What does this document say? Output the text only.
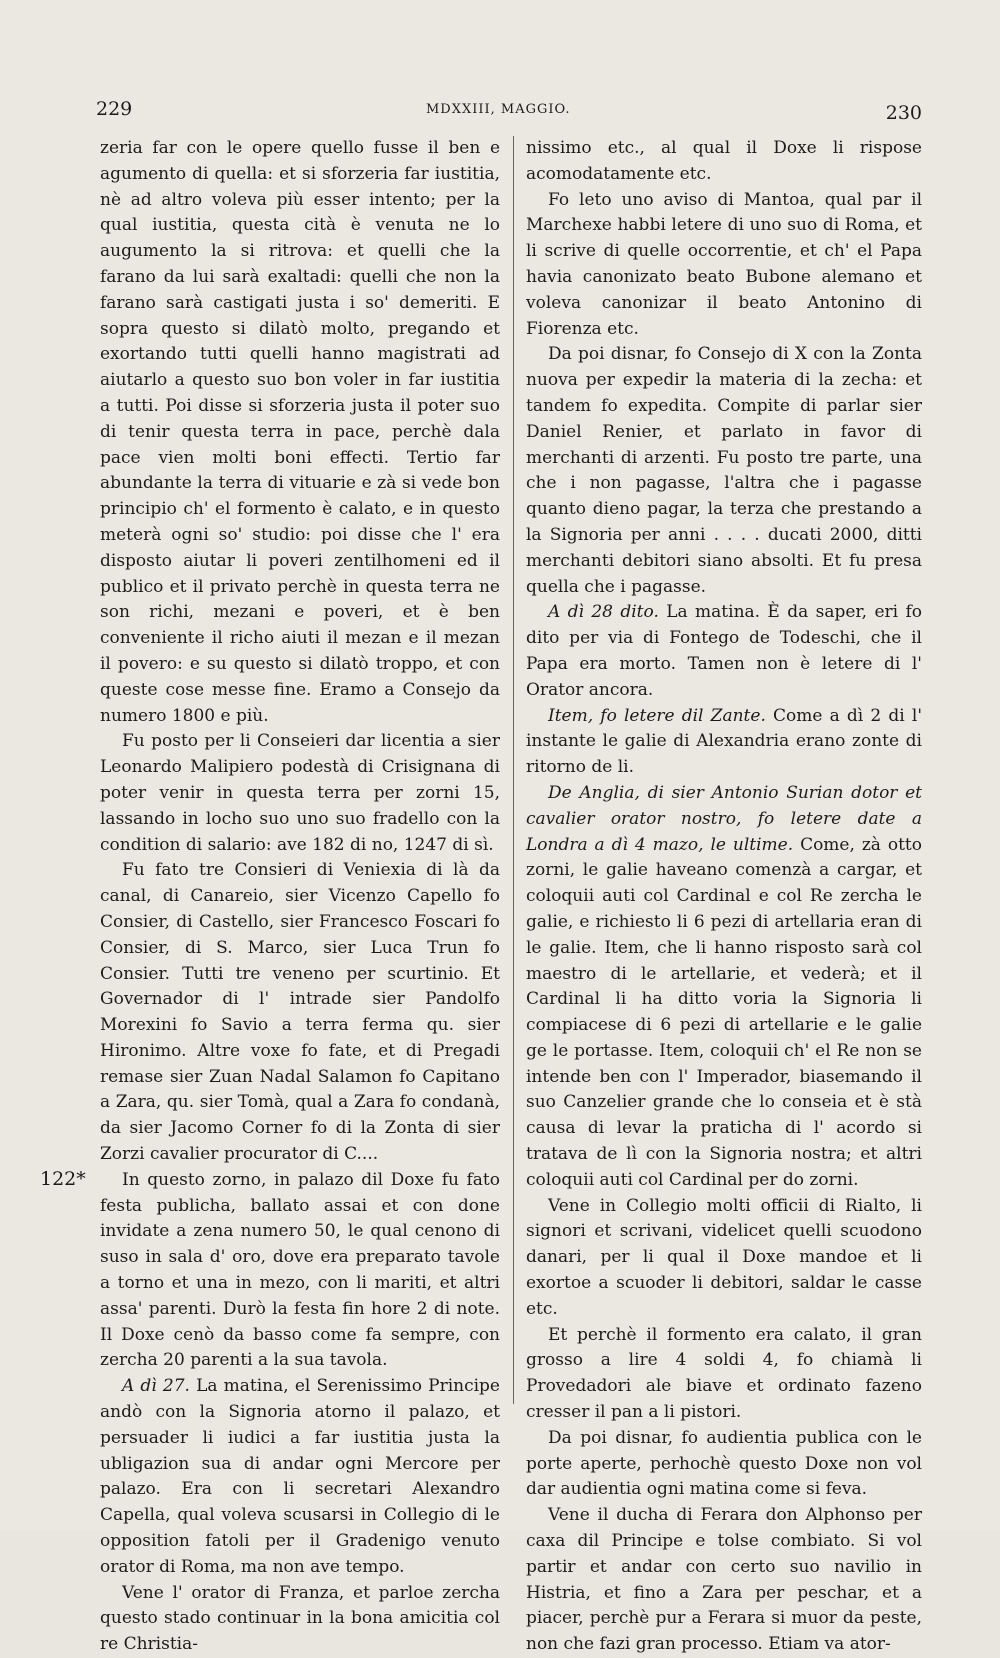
229	MDXXIII, MAGGIO.	230
122*

zeria far con le opere quello fusse il ben e agumento di quella: et si sforzeria far iustitia, nè ad altro voleva più esser intento; per la qual iustitia, questa cità è venuta ne lo augumento la si ritrova: et quelli che la farano da lui sarà exaltadi: quelli che non la farano sarà castigati justa i so' demeriti. E sopra questo si dilatò molto, pregando et exortando tutti quelli hanno magistrati ad aiutarlo a questo suo bon voler in far iustitia a tutti. Poi disse si sforzeria justa il poter suo di tenir questa terra in pace, perchè dala pace vien molti boni effecti. Tertio far abundante la terra di vituarie e zà si vede bon principio ch' el formento è calato, e in questo meterà ogni so' studio: poi disse che l' era disposto aiutar li poveri zentilhomeni ed il publico et il privato perchè in questa terra ne son richi, mezani e poveri, et è ben conveniente il richo aiuti il mezan e il mezan il povero: e su questo si dilatò troppo, et con queste cose messe fine. Eramo a Consejo da numero 1800 e più.

Fu posto per li Conseieri dar licentia a sier Leonardo Malipiero podestà di Crisignana di poter venir in questa terra per zorni 15, lassando in locho suo uno suo fradello con la condition di salario: ave 182 di no, 1247 di sì.

Fu fato tre Consieri di Veniexia di là da canal, di Canareio, sier Vicenzo Capello fo Consier, di Castello, sier Francesco Foscari fo Consier, di S. Marco, sier Luca Trun fo Consier. Tutti tre veneno per scurtinio. Et Governador di l' intrade sier Pandolfo Morexini fo Savio a terra ferma qu. sier Hironimo. Altre voxe fo fate, et di Pregadi remase sier Zuan Nadal Salamon fo Capitano a Zara, qu. sier Tomà, qual a Zara fo condanà, da sier Jacomo Corner fo di la Zonta di sier Zorzi cavalier procurator di C....

In questo zorno, in palazo dil Doxe fu fato festa publicha, ballato assai et con done invidate a zena numero 50, le qual cenono di suso in sala d' oro, dove era preparato tavole a torno et una in mezo, con li mariti, et altri assa' parenti. Durò la festa fin hore 2 di note. Il Doxe cenò da basso come fa sempre, con zercha 20 parenti a la sua tavola.

A dì 27. La matina, el Serenissimo Principe andò con la Signoria atorno il palazo, et persuader li iudici a far iustitia justa la ubligazion sua di andar ogni Mercore per palazo. Era con li secretari Alexandro Capella, qual voleva scusarsi in Collegio di le opposition fatoli per il Gradenigo venuto orator di Roma, ma non ave tempo.

Vene l' orator di Franza, et parloe zercha questo stado continuar in la bona amicitia col re Christia-

nissimo etc., al qual il Doxe li rispose acomodatamente etc.

Fo leto uno aviso di Mantoa, qual par il Marchexe habbi letere di uno suo di Roma, et li scrive di quelle occorrentie, et ch' el Papa havia canonizato beato Bubone alemano et voleva canonizar il beato Antonino di Fiorenza etc.

Da poi disnar, fo Consejo di X con la Zonta nuova per expedir la materia di la zecha: et tandem fo expedita. Compite di parlar sier Daniel Renier, et parlato in favor di merchanti di arzenti. Fu posto tre parte, una che i non pagasse, l'altra che i pagasse quanto dieno pagar, la terza che prestando a la Signoria per anni . . . . ducati 2000, ditti merchanti debitori siano absolti. Et fu presa quella che i pagasse.

A dì 28 dito. La matina. È da saper, eri fo dito per via di Fontego de Todeschi, che il Papa era morto. Tamen non è letere di l' Orator ancora.

Item, fo letere dil Zante. Come a dì 2 di l' instante le galie di Alexandria erano zonte di ritorno de li.

De Anglia, di sier Antonio Surian dotor et cavalier orator nostro, fo letere date a Londra a dì 4 mazo, le ultime. Come, zà otto zorni, le galie haveano comenzà a cargar, et coloquii auti col Cardinal e col Re zercha le galie, e richiesto li 6 pezi di artellaria eran di le galie. Item, che li hanno risposto sarà col maestro di le artellarie, et vederà; et il Cardinal li ha ditto voria la Signoria li compiacese di 6 pezi di artellarie e le galie ge le portasse. Item, coloquii ch' el Re non se intende ben con l' Imperador, biasemando il suo Canzelier grande che lo conseia et è stà causa di levar la praticha di l' acordo si tratava de lì con la Signoria nostra; et altri coloquii auti col Cardinal per do zorni.

Vene in Collegio molti officii di Rialto, li signori et scrivani, videlicet quelli scuodono danari, per li qual il Doxe mandoe et li exortoe a scuoder li debitori, saldar le casse etc.

Et perchè il formento era calato, il gran grosso a lire 4 soldi 4, fo chiamà li Provedadori ale biave et ordinato fazeno cresser il pan a li pistori.

Da poi disnar, fo audientia publica con le porte aperte, perhochè questo Doxe non vol dar audientia ogni matina come si feva.

Vene il ducha di Ferara don Alphonso per caxa dil Principe e tolse combiato. Si vol partir et andar con certo suo navilio in Histria, et fino a Zara per peschar, et a piacer, perchè pur a Ferara si muor da peste, non che fazi gran processo. Etiam va ator-
